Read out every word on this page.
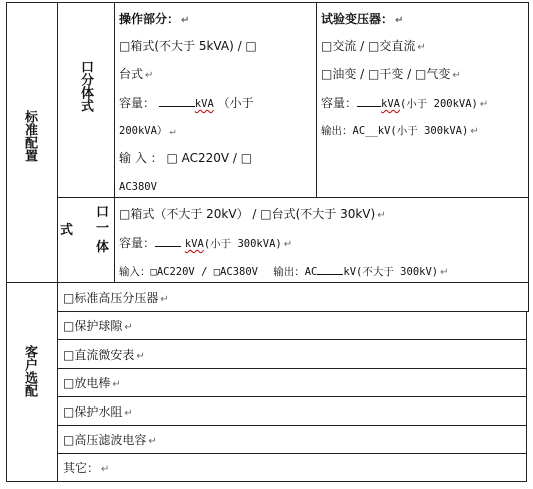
标准配置
客户选配
口分体式
式
口
一
体
操作部分： ↵
□箱式(不大于 5kVA) / □
台式 ↵
容量：	kVA （小于
200kVA） ↵
输 入 ： □ AC220V / □
AC380V
试验变压器： ↵
□交流 / □交直流 ↵
□油变 / □干变 / □气变 ↵
容量： kVA(小于 200kVA) ↵
输出：AC__kV(小于 300kVA) ↵
□箱式（不大于 20kV） / □台式(不大于 30kV) ↵
容量：	kVA(小于 300kVA) ↵
输入：□AC220V / □AC380V 输出：AC kV(不大于 300kV) ↵
□标准高压分压器 ↵
□保护球隙 ↵
□直流微安表 ↵
□放电棒 ↵
□保护水阻 ↵
□高压滤波电容 ↵
其它： ↵
